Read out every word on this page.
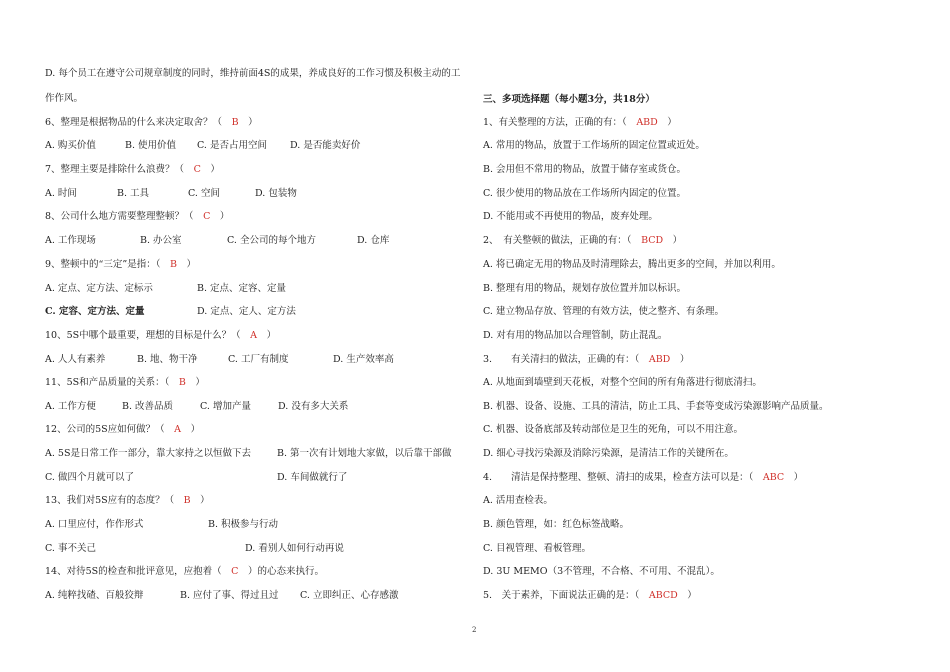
D. 每个员工在遵守公司规章制度的同时，维持前面4S的成果，养成良好的工作习惯及积极主动的工
作作风。
6、整理是根据物品的什么来决定取舍？（　 B　 ）
A. 购买价值	B. 使用价值 C. 是否占用空间 D. 是否能卖好价
7、整理主要是排除什么浪费？（　 C　 ）
A. 时间	B. 工具	C. 空间	D. 包装物
8、公司什么地方需要整理整顿？（　 C　 ）
A. 工作现场	B. 办公室	C. 全公司的每个地方	D. 仓库
9、整顿中的“三定”是指：（　 B　 ）
A. 定点、定方法、定标示	B. 定点、定容、定量
C. 定容、定方法、定量	D. 定点、定人、定方法
10、5S中哪个最重要，理想的目标是什么？（　 A　 ）
A. 人人有素养	B. 地、物干净	C. 工厂有制度	D. 生产效率高
11、5S和产品质量的关系：（　 B　 ）
A. 工作方便	B. 改善品质	C. 增加产量	D. 没有多大关系
12、公司的5S应如何做？（　 A　 ）
A. 5S是日常工作一部分，靠大家持之以恒做下去	B. 第一次有计划地大家做，以后靠干部做
C. 做四个月就可以了	D. 车间做就行了
13、我们对5S应有的态度？（　 B　 ）
A. 口里应付，作作形式	B. 积极参与行动
C. 事不关己	D. 看别人如何行动再说
14、对待5S的检查和批评意见，应抱着（　 C　 ）的心态来执行。
A. 纯粹找碴、百般狡辩	B. 应付了事、得过且过 C. 立即纠正、心存感激
三、多项选择题（每小题3分，共18分）
1、有关整理的方法，正确的有：（　 ABD　 ）
A. 常用的物品，放置于工作场所的固定位置或近处。
B. 会用但不常用的物品，放置于储存室或货仓。
C. 很少使用的物品放在工作场所内固定的位置。
D. 不能用或不再使用的物品，废弃处理。
2、　有关整顿的做法，正确的有：（　 BCD　 ）
A. 将已确定无用的物品及时清理除去，腾出更多的空间，并加以利用。
B. 整理有用的物品，规划存放位置并加以标识。
C. 建立物品存放、管理的有效方法，使之整齐、有条理。
D. 对有用的物品加以合理管制，防止混乱。
3.　　有关清扫的做法，正确的有：（　 ABD　 ）
A. 从地面到墙壁到天花板，对整个空间的所有角落进行彻底清扫。
B. 机器、设备、设施、工具的清洁，防止工具、手套等变成污染源影响产品质量。
C. 机器、设备底部及转动部位是卫生的死角，可以不用注意。
D. 细心寻找污染源及消除污染源，是清洁工作的关键所在。
4.　　清洁是保持整理、整顿、清扫的成果，检查方法可以是：（　 ABC　 ）
A. 活用查检表。
B. 颜色管理，如：红色标签战略。
C. 目视管理、看板管理。
D. 3U MEMO（3不管理，不合格、不可用、不混乱）。
5.　关于素养，下面说法正确的是：（　 ABCD　 ）
2
